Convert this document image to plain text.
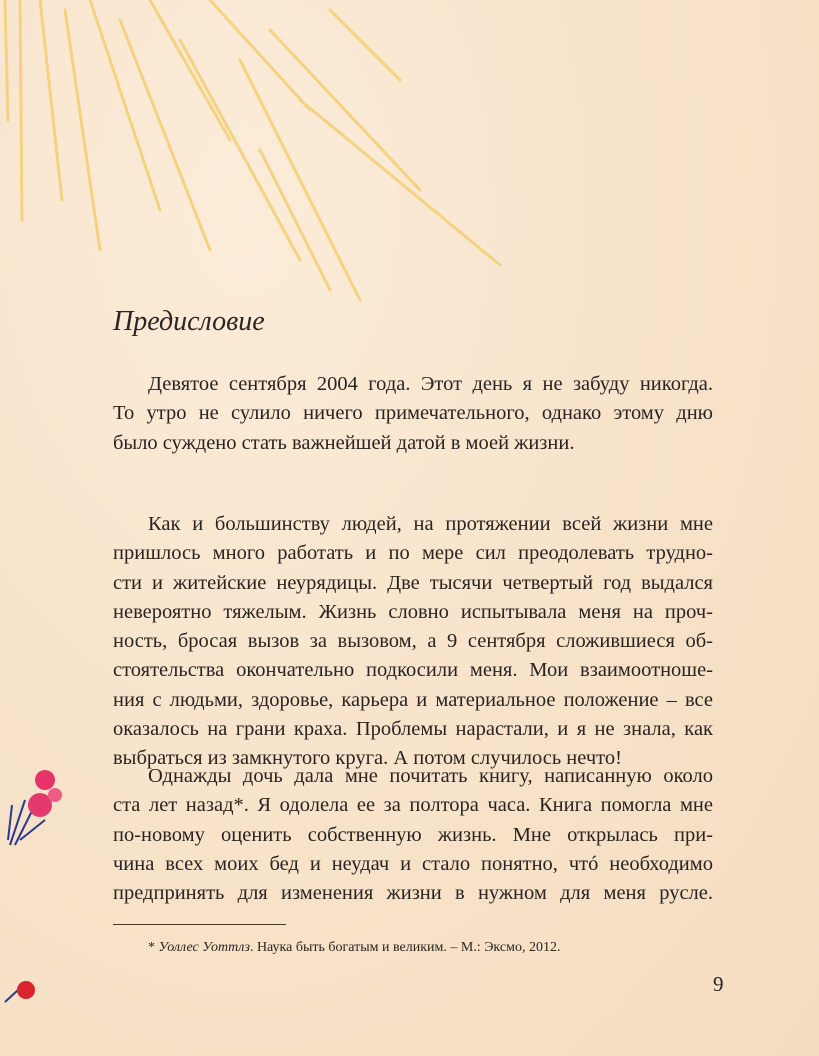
Предисловие
Девятое сентября 2004 года. Этот день я не забуду никогда.
То утро не сулило ничего примечательного, однако этому дню
было суждено стать важнейшей датой в моей жизни.
Как и большинству людей, на протяжении всей жизни мне
пришлось много работать и по мере сил преодолевать трудно-
сти и житейские неурядицы. Две тысячи четвертый год выдался
невероятно тяжелым. Жизнь словно испытывала меня на проч-
ность, бросая вызов за вызовом, а 9 сентября сложившиеся об-
стоятельства окончательно подкосили меня. Мои взаимоотноше-
ния с людьми, здоровье, карьера и материальное положение – все
оказалось на грани краха. Проблемы нарастали, и я не знала, как
выбраться из замкнутого круга. А потом случилось нечто!
Однажды дочь дала мне почитать книгу, написанную около
ста лет назад*. Я одолела ее за полтора часа. Книга помогла мне
по-новому оценить собственную жизнь. Мне открылась при-
чина всех моих бед и неудач и стало понятно, чтó необходимо
предпринять для изменения жизни в нужном для меня русле.
* Уоллес Уоттлз. Наука быть богатым и великим. – М.: Эксмо, 2012.
9
